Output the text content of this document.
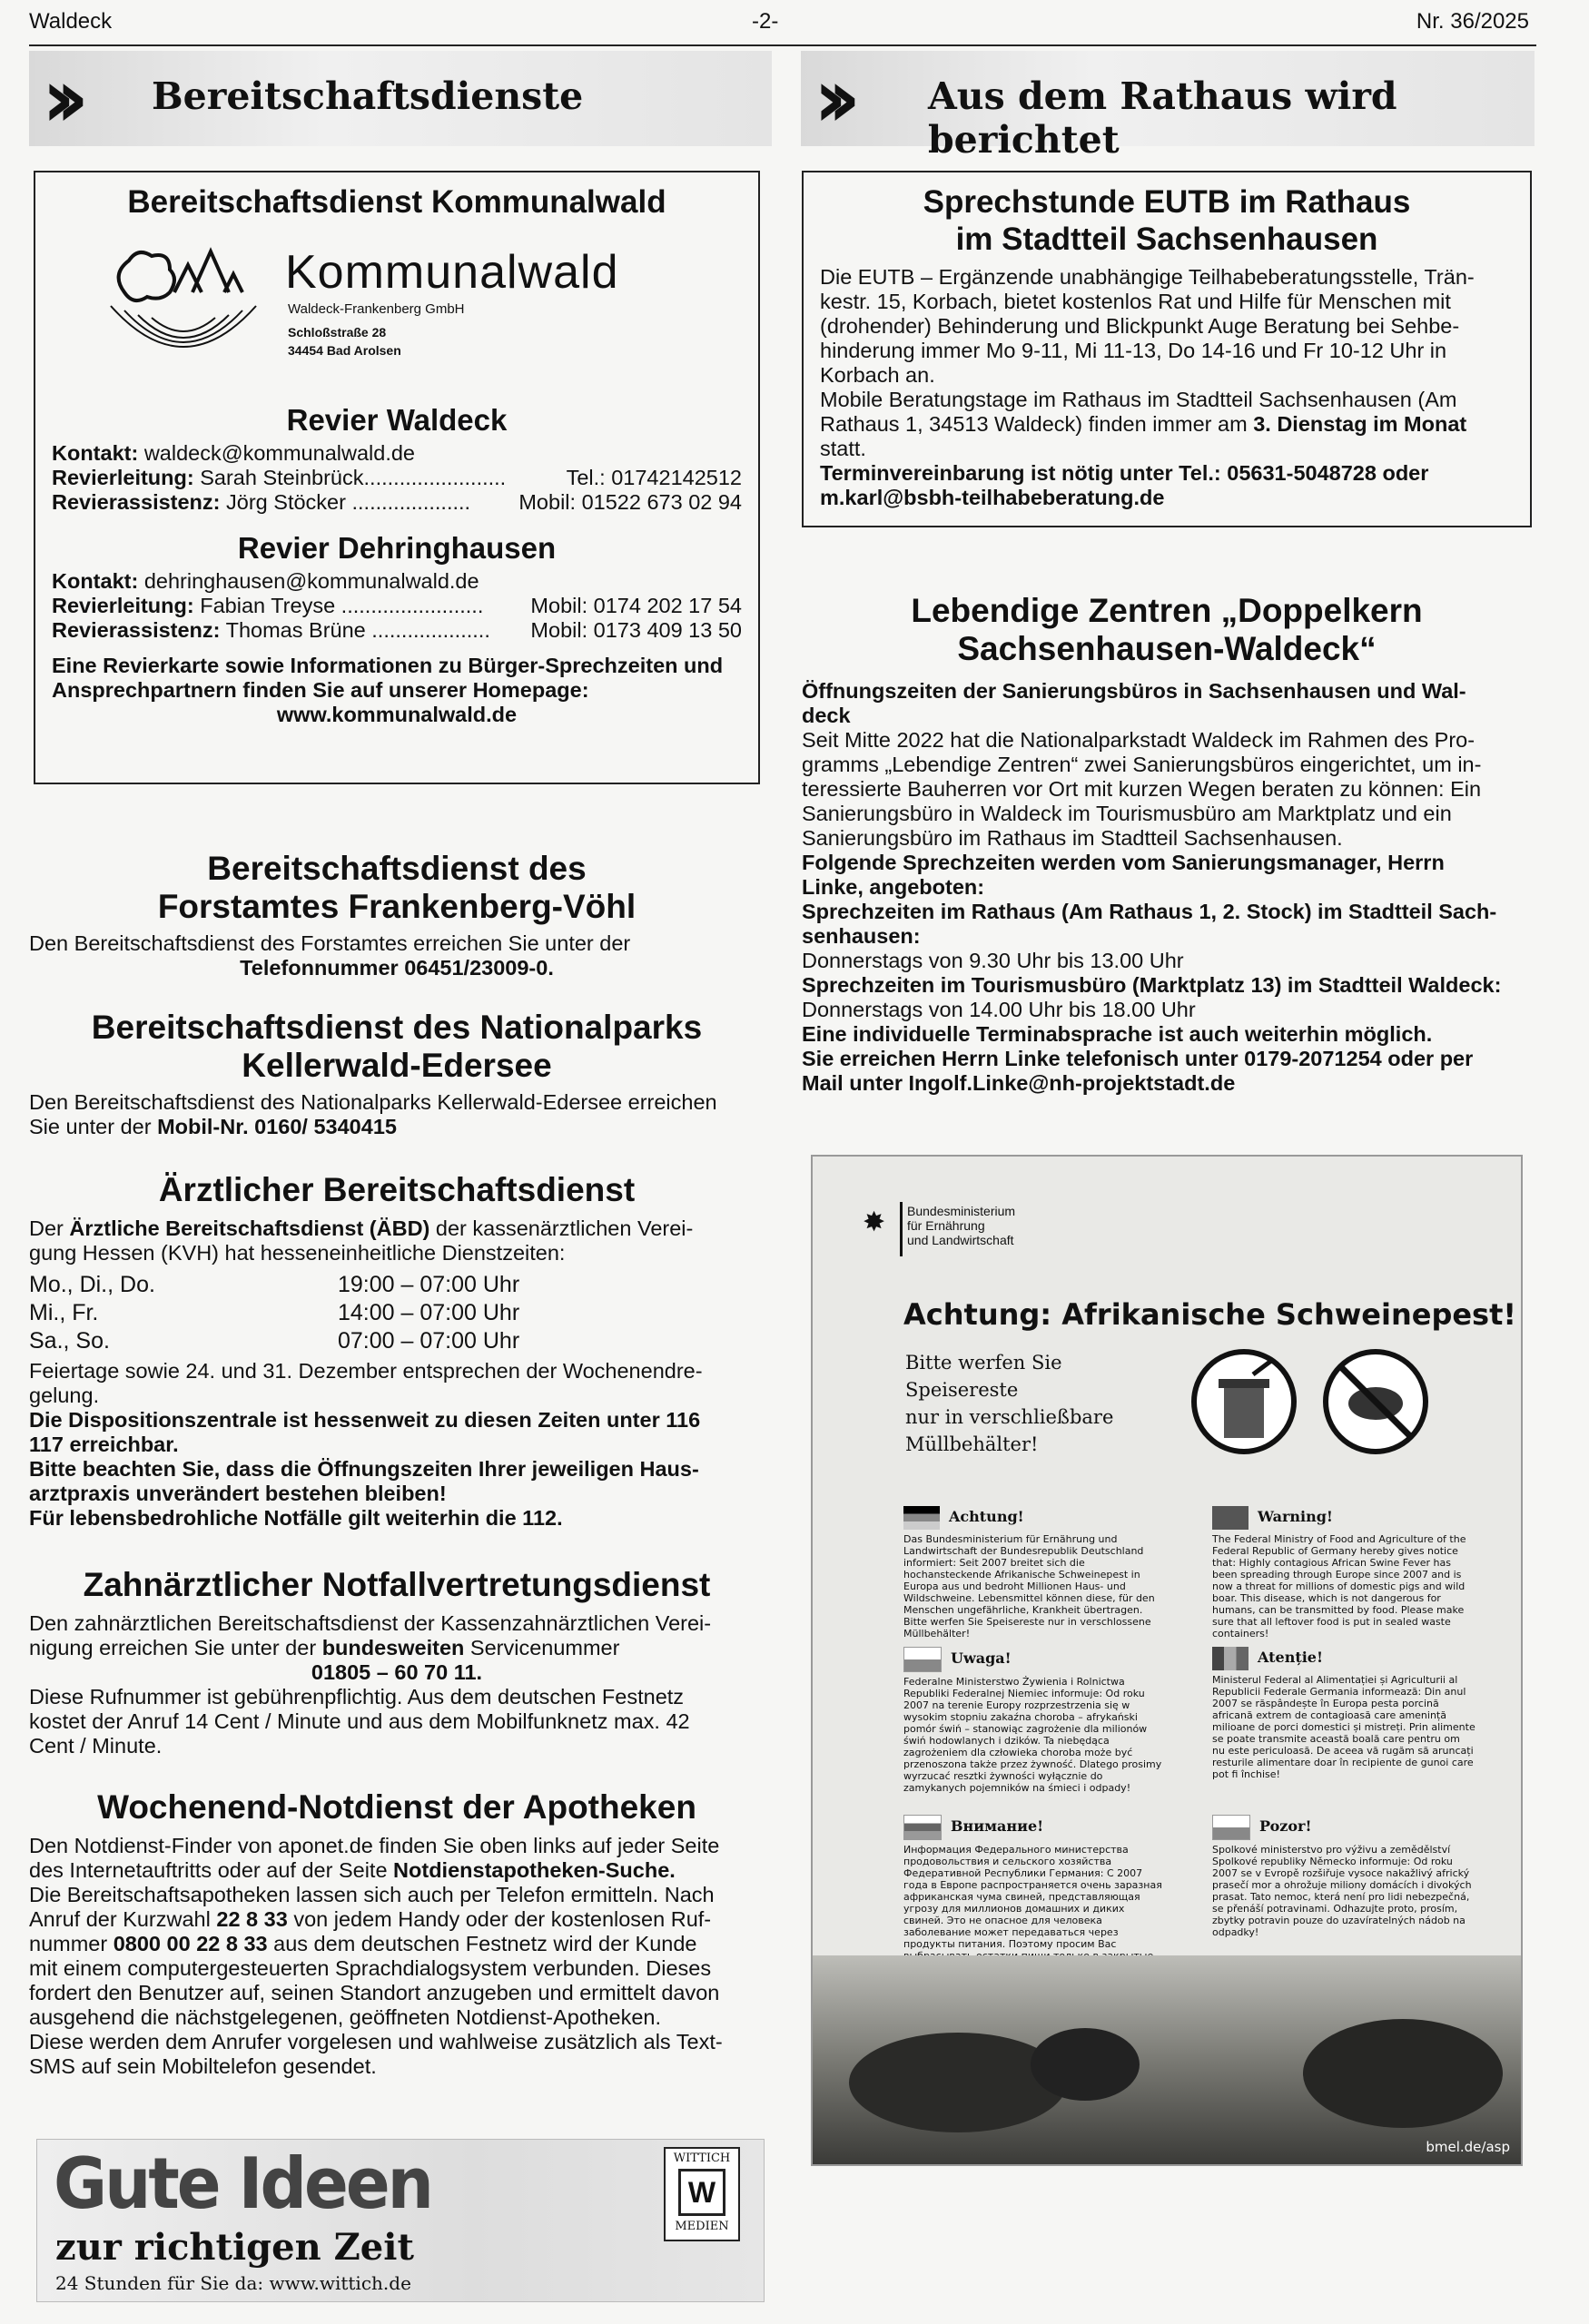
Waldeck	-2-	Nr. 36/2025
›› Bereitschaftsdienste	›› Aus dem Rathaus wird berichtet
Bereitschaftsdienst Kommunalwald
Kommunalwald
Waldeck-Frankenberg GmbH
Schloßstraße 28
34454 Bad Arolsen
Revier Waldeck
Kontakt: waldeck@kommunalwald.de
Revierleitung: Sarah Steinbrück........................	Tel.: 01742142512
Revierassistenz: Jörg Stöcker .................... Mobil: 01522 673 02 94
Revier Dehringhausen
Kontakt: dehringhausen@kommunalwald.de
Revierleitung: Fabian Treyse ........................ Mobil: 0174 202 17 54
Revierassistenz: Thomas Brüne .................... Mobil: 0173 409 13 50
Eine Revierkarte sowie Informationen zu Bürger-Sprechzeiten und
Ansprechpartnern finden Sie auf unserer Homepage:
www.kommunalwald.de
Bereitschaftsdienst des
Forstamtes Frankenberg-Vöhl
Den Bereitschaftsdienst des Forstamtes erreichen Sie unter der
Telefonnummer 06451/23009-0.
Bereitschaftsdienst des Nationalparks
Kellerwald-Edersee
Den Bereitschaftsdienst des Nationalparks Kellerwald-Edersee erreichen
Sie unter der Mobil-Nr. 0160/ 5340415
Ärztlicher Bereitschaftsdienst
Der Ärztliche Bereitschaftsdienst (ÄBD) der kassenärztlichen Verei-
gung Hessen (KVH) hat hesseneinheitliche Dienstzeiten:
Mo., Di., Do.	19:00 – 07:00 Uhr
Mi., Fr.	14:00 – 07:00 Uhr
Sa., So.	07:00 – 07:00 Uhr
Feiertage sowie 24. und 31. Dezember entsprechen der Wochenendre-
gelung.
Die Dispositionszentrale ist hessenweit zu diesen Zeiten unter 116
117 erreichbar.
Bitte beachten Sie, dass die Öffnungszeiten Ihrer jeweiligen Haus-
arztpraxis unverändert bestehen bleiben!
Für lebensbedrohliche Notfälle gilt weiterhin die 112.
Zahnärztlicher Notfallvertretungsdienst
Den zahnärztlichen Bereitschaftsdienst der Kassenzahnärztlichen Verei-
nigung erreichen Sie unter der bundesweiten Servicenummer
01805 – 60 70 11.
Diese Rufnummer ist gebührenpflichtig. Aus dem deutschen Festnetz
kostet der Anruf 14 Cent / Minute und aus dem Mobilfunknetz max. 42
Cent / Minute.
Wochenend-Notdienst der Apotheken
Den Notdienst-Finder von aponet.de finden Sie oben links auf jeder Seite
des Internetauftritts oder auf der Seite Notdienstapotheken-Suche.
Die Bereitschaftsapotheken lassen sich auch per Telefon ermitteln. Nach
Anruf der Kurzwahl 22 8 33 von jedem Handy oder der kostenlosen Ruf-
nummer 0800 00 22 8 33 aus dem deutschen Festnetz wird der Kunde
mit einem computergesteuerten Sprachdialogsystem verbunden. Dieses
fordert den Benutzer auf, seinen Standort anzugeben und ermittelt davon
ausgehend die nächstgelegenen, geöffneten Notdienst-Apotheken.
Diese werden dem Anrufer vorgelesen und wahlweise zusätzlich als Text-
SMS auf sein Mobiltelefon gesendet.
Gute Ideen
zur richtigen Zeit
24 Stunden für Sie da: www.wittich.de
WITTICH
W
MEDIEN
Sprechstunde EUTB im Rathaus
im Stadtteil Sachsenhausen
Die EUTB – Ergänzende unabhängige Teilhabeberatungsstelle, Trän-
kestr. 15, Korbach, bietet kostenlos Rat und Hilfe für Menschen mit
(drohender) Behinderung und Blickpunkt Auge Beratung bei Sehbe-
hinderung immer Mo 9-11, Mi 11-13, Do 14-16 und Fr 10-12 Uhr in
Korbach an.
Mobile Beratungstage im Rathaus im Stadtteil Sachsenhausen (Am
Rathaus 1, 34513 Waldeck) finden immer am 3. Dienstag im Monat
statt.
Terminvereinbarung ist nötig unter Tel.: 05631-5048728 oder
m.karl@bsbh-teilhabeberatung.de
Lebendige Zentren „Doppelkern
Sachsenhausen-Waldeck“
Öffnungszeiten der Sanierungsbüros in Sachsenhausen und Wal-
deck
Seit Mitte 2022 hat die Nationalparkstadt Waldeck im Rahmen des Pro-
gramms „Lebendige Zentren“ zwei Sanierungsbüros eingerichtet, um in-
teressierte Bauherren vor Ort mit kurzen Wegen beraten zu können: Ein
Sanierungsbüro in Waldeck im Tourismusbüro am Marktplatz und ein
Sanierungsbüro im Rathaus im Stadtteil Sachsenhausen.
Folgende Sprechzeiten werden vom Sanierungsmanager, Herrn
Linke, angeboten:
Sprechzeiten im Rathaus (Am Rathaus 1, 2. Stock) im Stadtteil Sach-
senhausen:
Donnerstags von 9.30 Uhr bis 13.00 Uhr
Sprechzeiten im Tourismusbüro (Marktplatz 13) im Stadtteil Waldeck:
Donnerstags von 14.00 Uhr bis 18.00 Uhr
Eine individuelle Terminabsprache ist auch weiterhin möglich.
Sie erreichen Herrn Linke telefonisch unter 0179-2071254 oder per
Mail unter Ingolf.Linke@nh-projektstadt.de
✸ Bundesministerium
für Ernährung
und Landwirtschaft
Achtung: Afrikanische Schweinepest!
Bitte werfen Sie
Speisereste
nur in verschließbare
Müllbehälter!
Achtung!
Das Bundesministerium für Ernährung und Landwirtschaft der Bundesrepublik Deutschland informiert: Seit 2007 breitet sich die hochansteckende Afrikanische Schweinepest in Europa aus und bedroht Millionen Haus- und Wildschweine. Lebensmittel können diese, für den Menschen ungefährliche, Krankheit übertragen. Bitte werfen Sie Speisereste nur in verschlossene Müllbehälter!
Warning!
The Federal Ministry of Food and Agriculture of the Federal Republic of Germany hereby gives notice that: Highly contagious African Swine Fever has been spreading through Europe since 2007 and is now a threat for millions of domestic pigs and wild boar. This disease, which is not dangerous for humans, can be transmitted by food. Please make sure that all leftover food is put in sealed waste containers!
Uwaga!
Federalne Ministerstwo Żywienia i Rolnictwa Republiki Federalnej Niemiec informuje: Od roku 2007 na terenie Europy rozprzestrzenia się w wysokim stopniu zakaźna choroba – afrykański pomór świń – stanowiąc zagrożenie dla milionów świń hodowlanych i dzików. Ta niebędąca zagrożeniem dla człowieka choroba może być przenoszona także przez żywność. Dlatego prosimy wyrzucać resztki żywności wyłącznie do zamykanych pojemników na śmieci i odpady!
Atenție!
Ministerul Federal al Alimentației și Agriculturii al Republicii Federale Germania informează: Din anul 2007 se răspândește în Europa pesta porcină africană extrem de contagioasă care amenință milioane de porci domestici și mistreți. Prin alimente se poate transmite această boală care pentru om nu este periculoasă. De aceea vă rugăm să aruncați resturile alimentare doar în recipiente de gunoi care pot fi închise!
Внимание!
Информация Федерального министерства продовольствия и сельского хозяйства Федеративной Республики Германия: С 2007 года в Европе распространяется очень заразная африканская чума свиней, представляющая угрозу для миллионов домашних и диких свиней. Это не опасное для человека заболевание может передаваться через продукты питания. Поэтому просим Вас
Pozor!
Spolkové ministerstvo pro výživu a zemědělství Spolkové republiky Německo informuje: Od roku 2007 se v Evropě rozšiřuje vysoce nakažlivý africký prasečí mor a ohrožuje miliony domácích i divokých prasat. Tato nemoc, která není pro lidi nebezpečná, se přenáší potravinami. Odhazujte proto, prosím, zbytky potravin pouze do uzavíratelných nádob na odpadky!
bmel.de/asp
